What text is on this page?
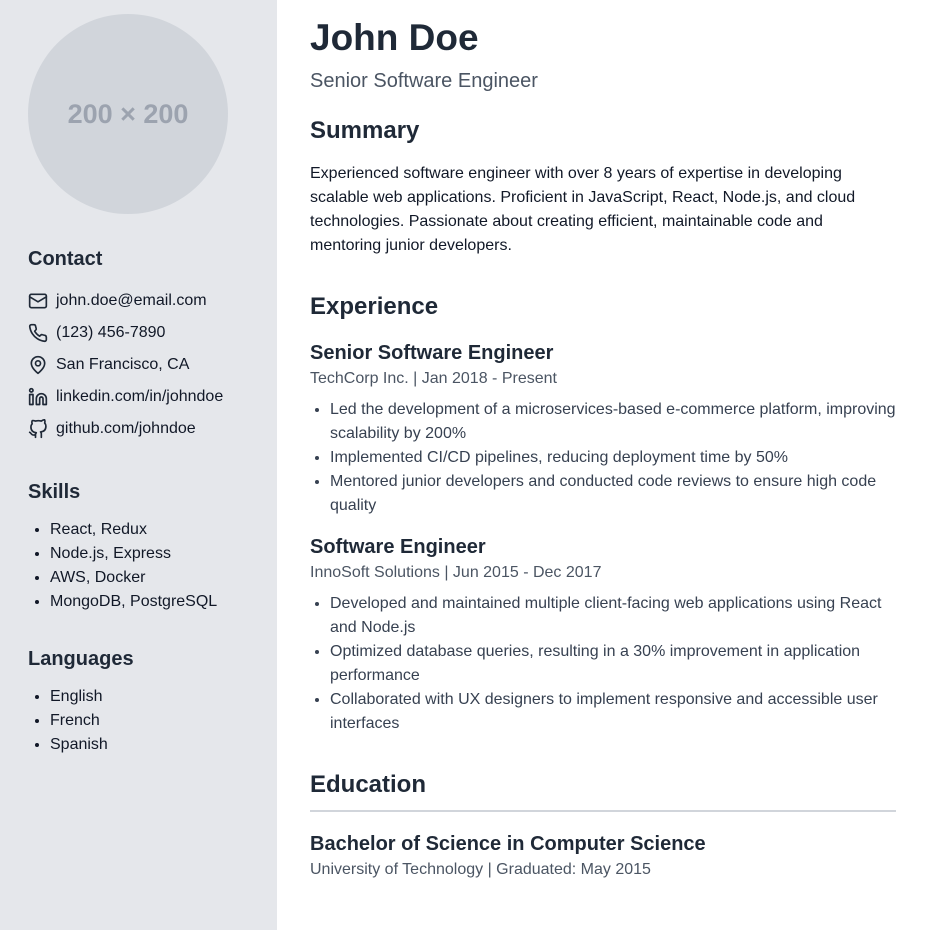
200 × 200
Contact
john.doe@email.com
(123) 456-7890
San Francisco, CA
linkedin.com/in/johndoe
github.com/johndoe
Skills
• React, Redux
• Node.js, Express
• AWS, Docker
• MongoDB, PostgreSQL
Languages
• English
• French
• Spanish
John Doe
Senior Software Engineer
Summary

Experienced software engineer with over 8 years of expertise in developing scalable web applications. Proficient in JavaScript, React, Node.js, and cloud technologies. Passionate about creating efficient, maintainable code and mentoring junior developers.

Experience
Senior Software Engineer
TechCorp Inc. | Jan 2018 - Present
• Led the development of a microservices-based e-commerce platform, improving scalability by 200%
• Implemented CI/CD pipelines, reducing deployment time by 50%
• Mentored junior developers and conducted code reviews to ensure high code quality
Software Engineer
InnoSoft Solutions | Jun 2015 - Dec 2017
• Developed and maintained multiple client-facing web applications using React and Node.js
• Optimized database queries, resulting in a 30% improvement in application performance
• Collaborated with UX designers to implement responsive and accessible user interfaces
Education
Bachelor of Science in Computer Science
University of Technology | Graduated: May 2015
